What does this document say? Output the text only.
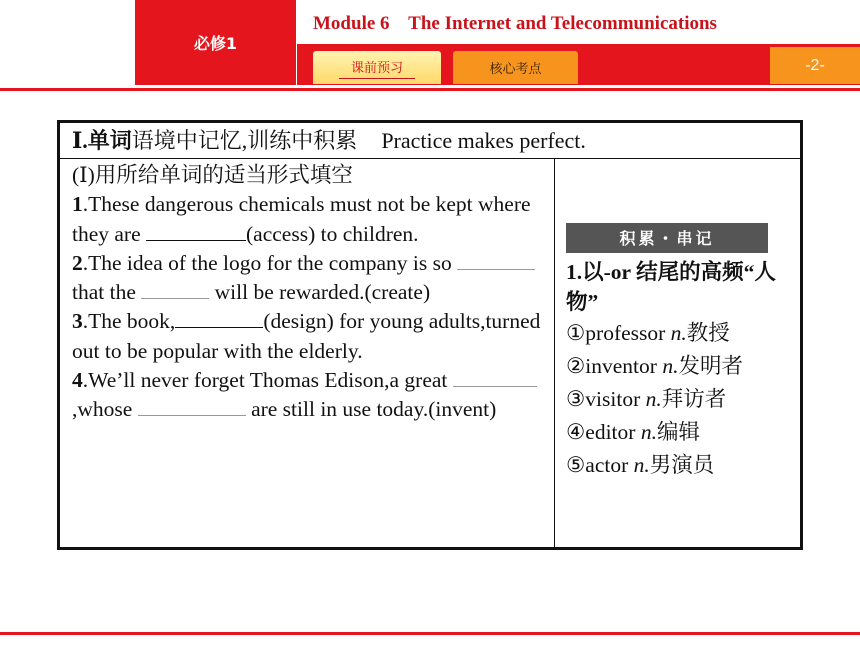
必修1
Module 6    The Internet and Telecommunications
-2-
课前预习	核心考点
Ⅰ.单词语境中记忆,训练中积累 Practice makes perfect.

(Ⅰ)用所给单词的适当形式填空

1.These dangerous chemicals must not be kept where they are	(access) to children.

2.The idea of the logo for the company is so  that the	will be rewarded.(create)

3.The book,	(design) for young adults,turned out to be popular with the elderly.

4.We’ll never forget Thomas Edison,a great ,whose	are still in use today.(invent)

积累・串记
1.以-or 结尾的高频“人物”
①professor n.教授
②inventor n.发明者
③visitor n.拜访者
④editor n.编辑
⑤actor n.男演员
